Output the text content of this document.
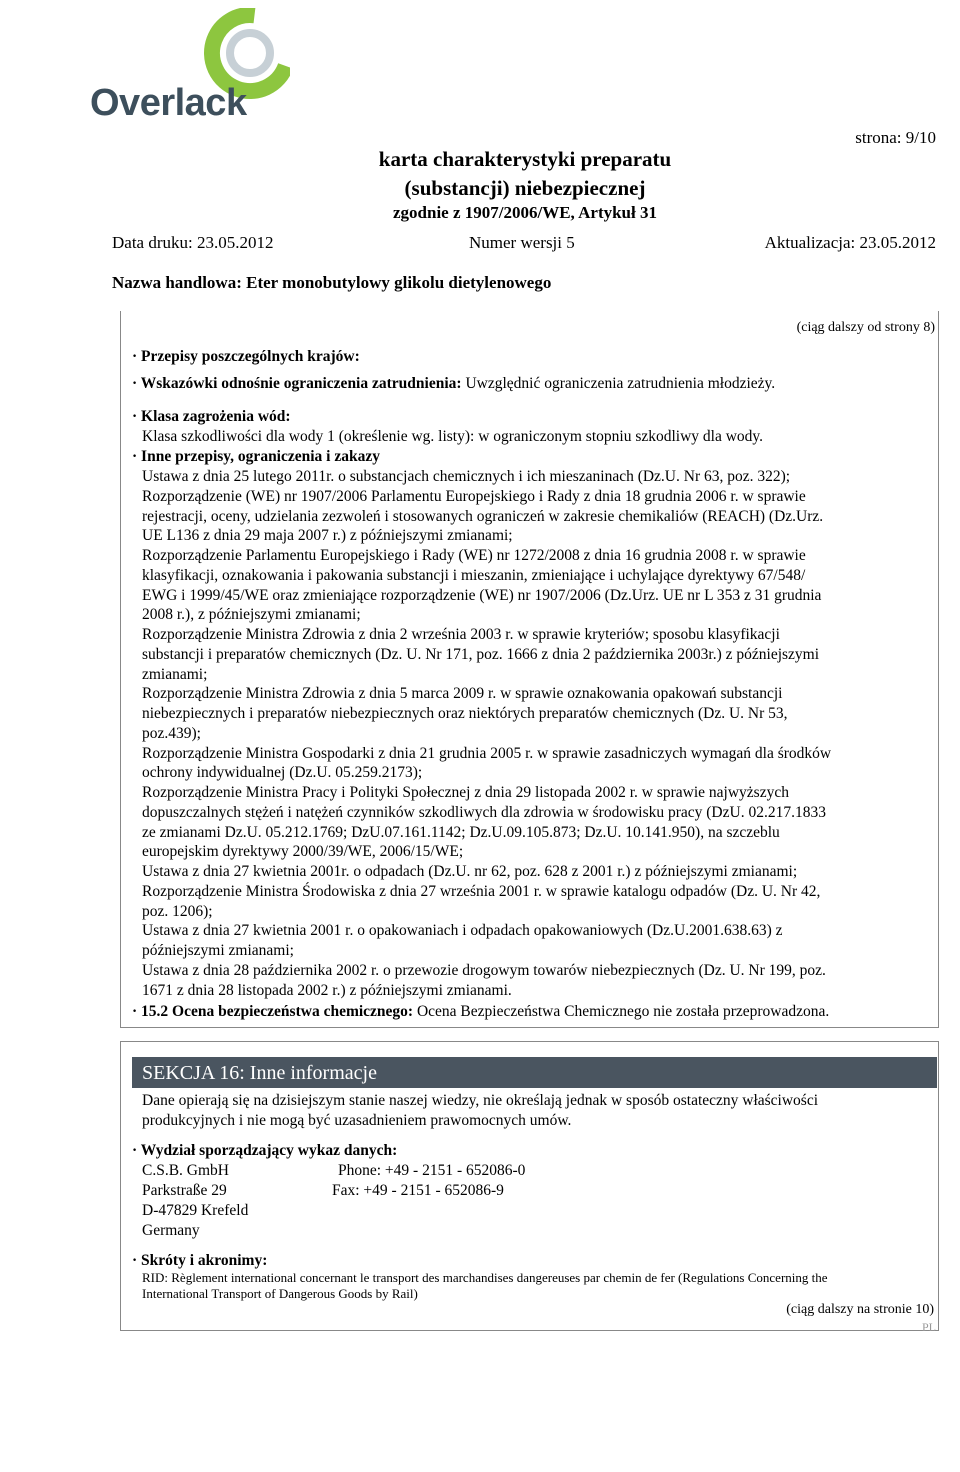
Overlack
strona: 9/10
karta charakterystyki preparatu
(substancji) niebezpiecznej
zgodnie z 1907/2006/WE, Artykuł 31
Data druku: 23.05.2012	Numer wersji 5	Aktualizacja: 23.05.2012
Nazwa handlowa: Eter monobutylowy glikolu dietylenowego
(ciąg dalszy od strony 8)
· Przepisy poszczególnych krajów:
· Wskazówki odnośnie ograniczenia zatrudnienia: Uwzględnić ograniczenia zatrudnienia młodzieży.
· Klasa zagrożenia wód:
Klasa szkodliwości dla wody 1 (określenie wg. listy): w ograniczonym stopniu szkodliwy dla wody.
· Inne przepisy, ograniczenia i zakazy
Ustawa z dnia 25 lutego 2011r. o substancjach chemicznych i ich mieszaninach (Dz.U. Nr 63, poz. 322);
Rozporządzenie (WE) nr 1907/2006 Parlamentu Europejskiego i Rady z dnia 18 grudnia 2006 r. w sprawie
rejestracji, oceny, udzielania zezwoleń i stosowanych ograniczeń w zakresie chemikaliów (REACH) (Dz.Urz.
UE L136 z dnia 29 maja 2007 r.) z późniejszymi zmianami;
Rozporządzenie Parlamentu Europejskiego i Rady (WE) nr 1272/2008 z dnia 16 grudnia 2008 r. w sprawie
klasyfikacji, oznakowania i pakowania substancji i mieszanin, zmieniające i uchylające dyrektywy 67/548/
EWG i 1999/45/WE oraz zmieniające rozporządzenie (WE) nr 1907/2006 (Dz.Urz. UE nr L 353 z 31 grudnia
2008 r.), z późniejszymi zmianami;
Rozporządzenie Ministra Zdrowia z dnia 2 września 2003 r. w sprawie kryteriów; sposobu klasyfikacji
substancji i preparatów chemicznych (Dz. U. Nr 171, poz. 1666 z dnia 2 października 2003r.) z późniejszymi
zmianami;
Rozporządzenie Ministra Zdrowia z dnia 5 marca 2009 r. w sprawie oznakowania opakowań substancji
niebezpiecznych i preparatów niebezpiecznych oraz niektórych preparatów chemicznych (Dz. U. Nr 53,
poz.439);
Rozporządzenie Ministra Gospodarki z dnia 21 grudnia 2005 r. w sprawie zasadniczych wymagań dla środków
ochrony indywidualnej (Dz.U. 05.259.2173);
Rozporządzenie Ministra Pracy i Polityki Społecznej z dnia 29 listopada 2002 r. w sprawie najwyższych
dopuszczalnych stężeń i natężeń czynników szkodliwych dla zdrowia w środowisku pracy (DzU. 02.217.1833
ze zmianami Dz.U. 05.212.1769; DzU.07.161.1142; Dz.U.09.105.873; Dz.U. 10.141.950), na szczeblu
europejskim dyrektywy 2000/39/WE, 2006/15/WE;
Ustawa z dnia 27 kwietnia 2001r. o odpadach (Dz.U. nr 62, poz. 628 z 2001 r.) z późniejszymi zmianami;
Rozporządzenie Ministra Środowiska z dnia 27 września 2001 r. w sprawie katalogu odpadów (Dz. U. Nr 42,
poz. 1206);
Ustawa z dnia 27 kwietnia 2001 r. o opakowaniach i odpadach opakowaniowych (Dz.U.2001.638.63) z
późniejszymi zmianami;
Ustawa z dnia 28 października 2002 r. o przewozie drogowym towarów niebezpiecznych (Dz. U. Nr 199, poz.
1671 z dnia 28 listopada 2002 r.) z późniejszymi zmianami.
· 15.2 Ocena bezpieczeństwa chemicznego: Ocena Bezpieczeństwa Chemicznego nie została przeprowadzona.
SEKCJA 16: Inne informacje
Dane opierają się na dzisiejszym stanie naszej wiedzy, nie określają jednak w sposób ostateczny właściwości
produkcyjnych i nie mogą być uzasadnieniem prawomocnych umów.
· Wydział sporządzający wykaz danych:
C.S.B. GmbH	Phone: +49 - 2151 - 652086-0
Parkstraße 29	Fax: +49 - 2151 - 652086-9
D-47829 Krefeld
Germany
· Skróty i akronimy:
RID: Règlement international concernant le transport des marchandises dangereuses par chemin de fer (Regulations Concerning the
International Transport of Dangerous Goods by Rail)
(ciąg dalszy na stronie 10)
PL
